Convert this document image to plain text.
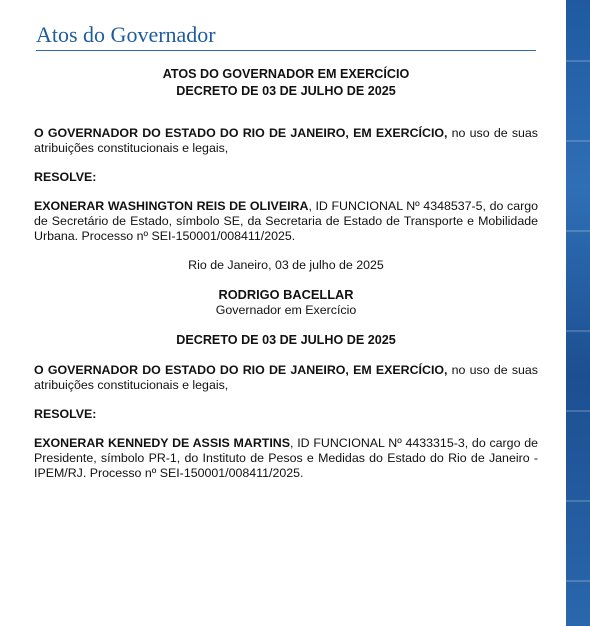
Atos do Governador
ATOS DO GOVERNADOR EM EXERCÍCIO
DECRETO DE 03 DE JULHO DE 2025

O GOVERNADOR DO ESTADO DO RIO DE JANEIRO, EM EXERCÍCIO, no uso de suas atribuições constitucionais e legais,

RESOLVE:

EXONERAR WASHINGTON REIS DE OLIVEIRA, ID FUNCIONAL Nº 4348537-5, do cargo de Secretário de Estado, símbolo SE, da Secretaria de Estado de Transporte e Mobilidade Urbana. Processo nº SEI-150001/008411/2025.

Rio de Janeiro, 03 de julho de 2025

RODRIGO BACELLAR

Governador em Exercício

DECRETO DE 03 DE JULHO DE 2025

O GOVERNADOR DO ESTADO DO RIO DE JANEIRO, EM EXERCÍCIO, no uso de suas atribuições constitucionais e legais,

RESOLVE:

EXONERAR KENNEDY DE ASSIS MARTINS, ID FUNCIONAL Nº 4433315-3, do cargo de Presidente, símbolo PR-1, do Instituto de Pesos e Medidas do Estado do Rio de Janeiro - IPEM/RJ. Processo nº SEI-150001/008411/2025.
